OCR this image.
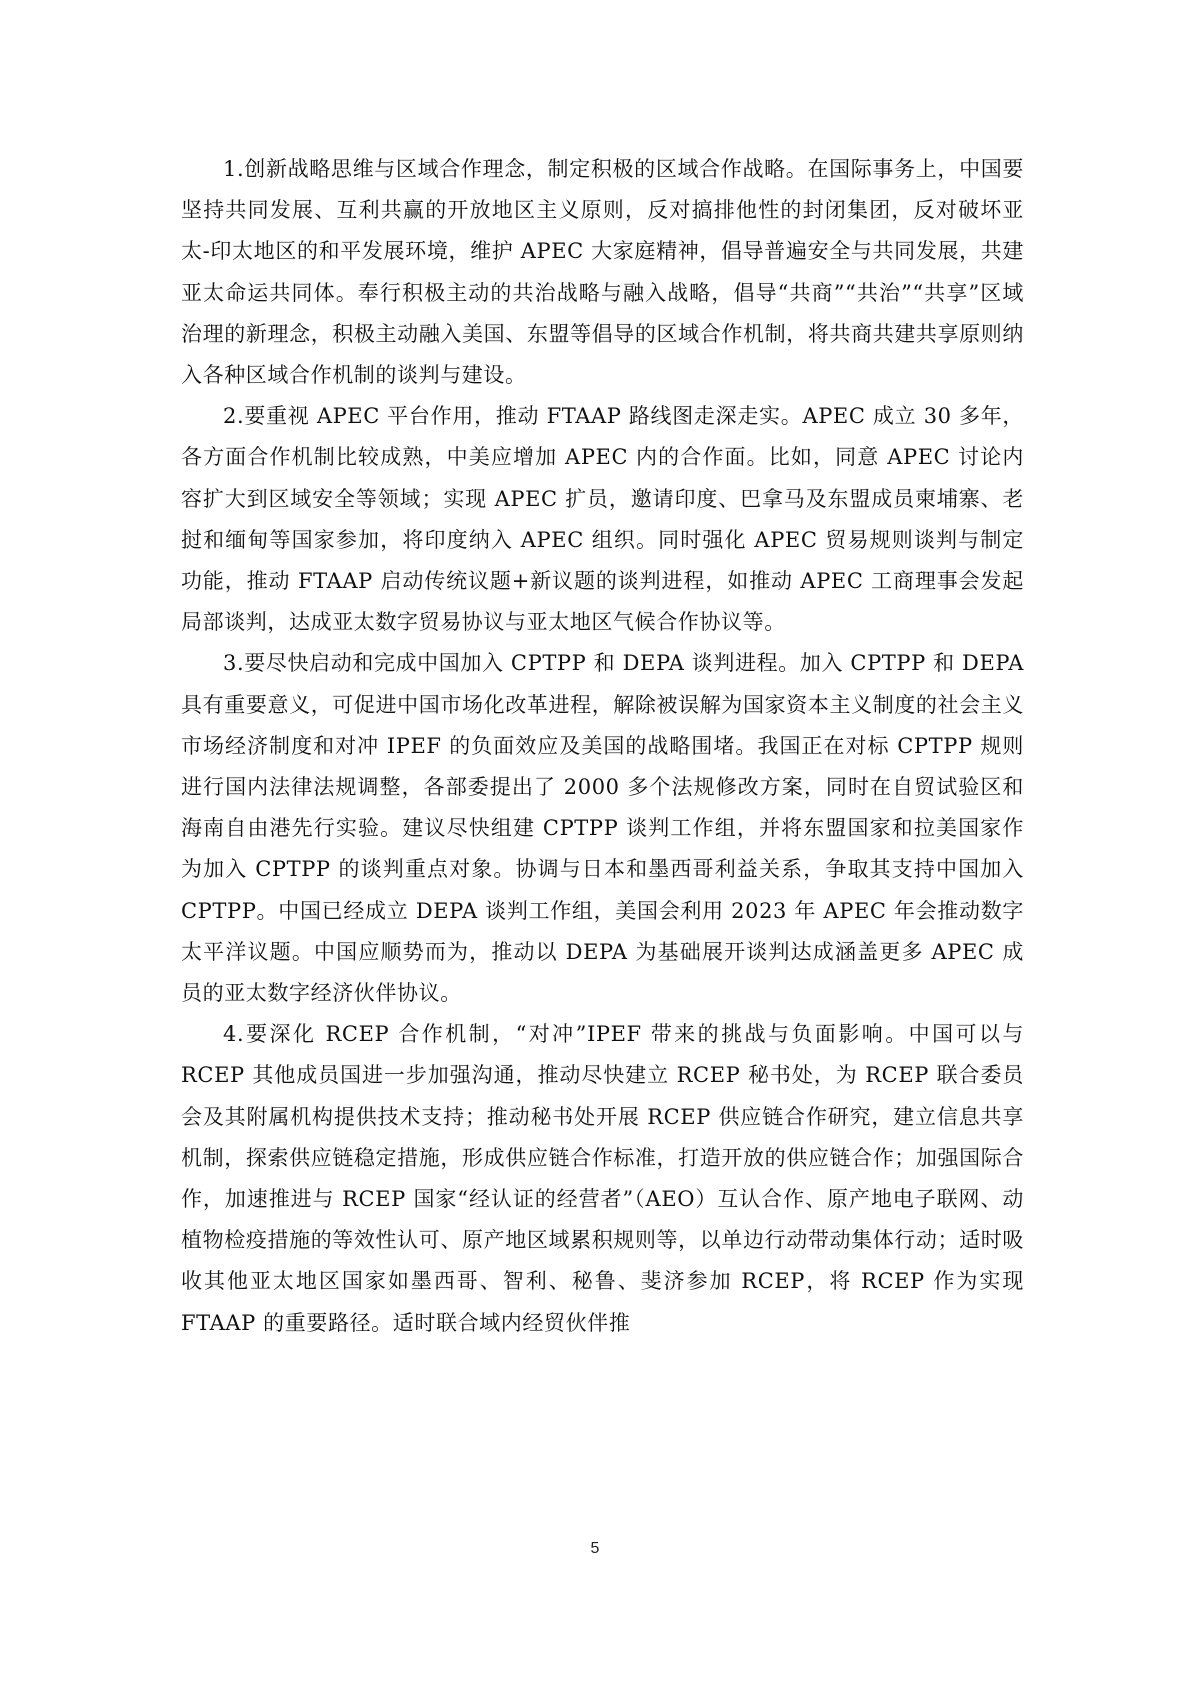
1.创新战略思维与区域合作理念，制定积极的区域合作战略。在国际事务上，中国要坚持共同发展、互利共赢的开放地区主义原则，反对搞排他性的封闭集团，反对破坏亚太-印太地区的和平发展环境，维护 APEC 大家庭精神，倡导普遍安全与共同发展，共建亚太命运共同体。奉行积极主动的共治战略与融入战略，倡导“共商”“共治”“共享”区域治理的新理念，积极主动融入美国、东盟等倡导的区域合作机制，将共商共建共享原则纳入各种区域合作机制的谈判与建设。

2.要重视 APEC 平台作用，推动 FTAAP 路线图走深走实。APEC 成立 30 多年，各方面合作机制比较成熟，中美应增加 APEC 内的合作面。比如，同意 APEC 讨论内容扩大到区域安全等领域；实现 APEC 扩员，邀请印度、巴拿马及东盟成员柬埔寨、老挝和缅甸等国家参加，将印度纳入 APEC 组织。同时强化 APEC 贸易规则谈判与制定功能，推动 FTAAP 启动传统议题+新议题的谈判进程，如推动 APEC 工商理事会发起局部谈判，达成亚太数字贸易协议与亚太地区气候合作协议等。

3.要尽快启动和完成中国加入 CPTPP 和 DEPA 谈判进程。加入 CPTPP 和 DEPA 具有重要意义，可促进中国市场化改革进程，解除被误解为国家资本主义制度的社会主义市场经济制度和对冲 IPEF 的负面效应及美国的战略围堵。我国正在对标 CPTPP 规则进行国内法律法规调整，各部委提出了 2000 多个法规修改方案，同时在自贸试验区和海南自由港先行实验。建议尽快组建 CPTPP 谈判工作组，并将东盟国家和拉美国家作为加入 CPTPP 的谈判重点对象。协调与日本和墨西哥利益关系，争取其支持中国加入 CPTPP。中国已经成立 DEPA 谈判工作组，美国会利用 2023 年 APEC 年会推动数字太平洋议题。中国应顺势而为，推动以 DEPA 为基础展开谈判达成涵盖更多 APEC 成员的亚太数字经济伙伴协议。

4.要深化 RCEP 合作机制，“对冲”IPEF 带来的挑战与负面影响。中国可以与 RCEP 其他成员国进一步加强沟通，推动尽快建立 RCEP 秘书处，为 RCEP 联合委员会及其附属机构提供技术支持；推动秘书处开展 RCEP 供应链合作研究，建立信息共享机制，探索供应链稳定措施，形成供应链合作标准，打造开放的供应链合作；加强国际合作，加速推进与 RCEP 国家“经认证的经营者”（AEO）互认合作、原产地电子联网、动植物检疫措施的等效性认可、原产地区域累积规则等，以单边行动带动集体行动；适时吸收其他亚太地区国家如墨西哥、智利、秘鲁、斐济参加 RCEP，将 RCEP 作为实现 FTAAP 的重要路径。适时联合域内经贸伙伴推

5
